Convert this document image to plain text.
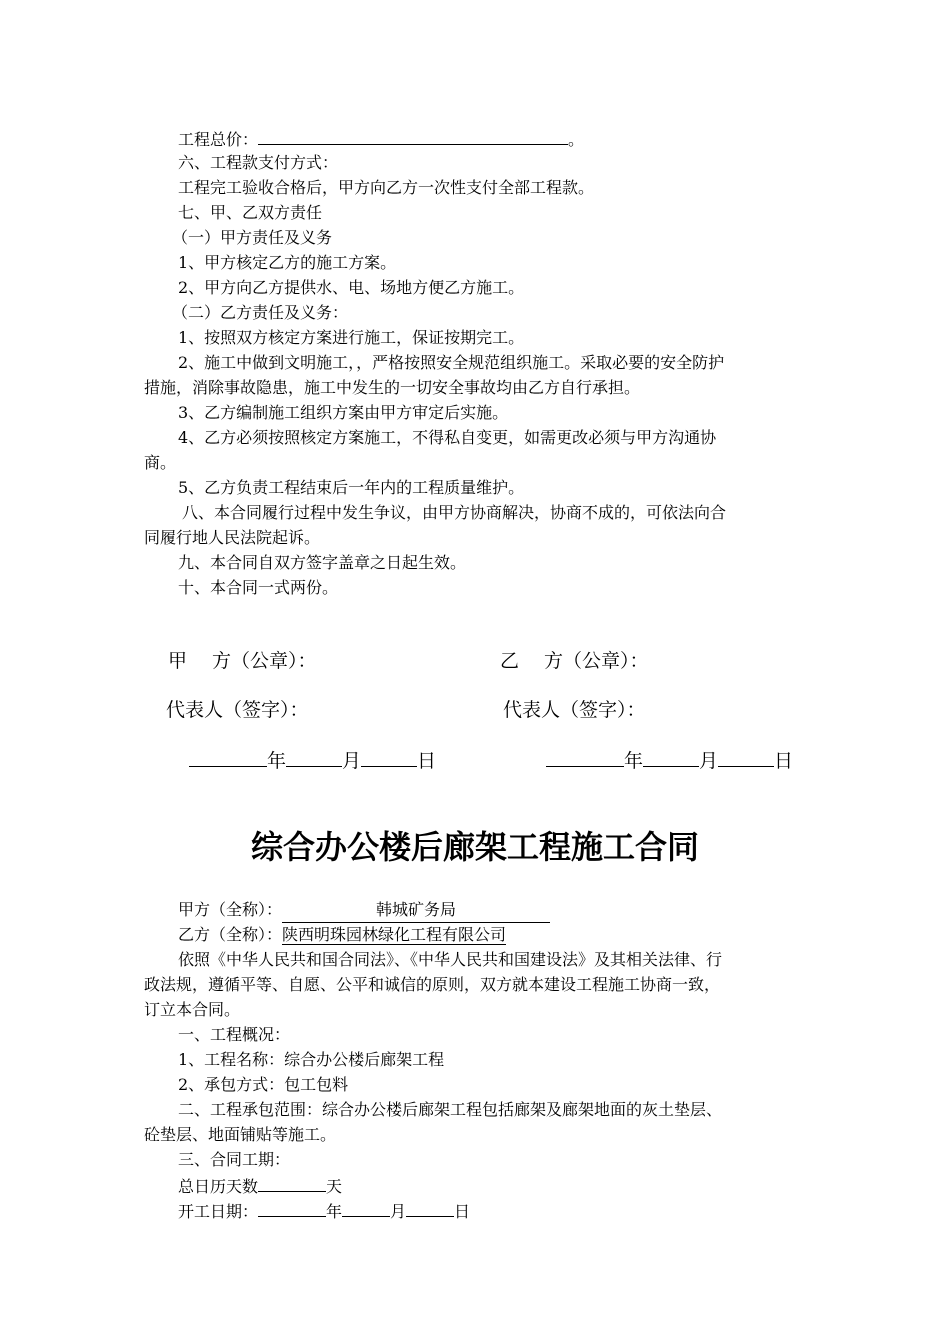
工程总价：	。
六、工程款支付方式：
工程完工验收合格后，甲方向乙方一次性支付全部工程款。
七、甲、乙双方责任
（一）甲方责任及义务
1、甲方核定乙方的施工方案。
2、甲方向乙方提供水、电、场地方便乙方施工。
（二）乙方责任及义务：
1、按照双方核定方案进行施工，保证按期完工。
2、施工中做到文明施工，，严格按照安全规范组织施工。采取必要的安全防护
措施，消除事故隐患，施工中发生的一切安全事故均由乙方自行承担。
3、乙方编制施工组织方案由甲方审定后实施。
4、乙方必须按照核定方案施工，不得私自变更，如需更改必须与甲方沟通协
商。
5、乙方负责工程结束后一年内的工程质量维护。
八、本合同履行过程中发生争议，由甲方协商解决，协商不成的，可依法向合
同履行地人民法院起诉。
九、本合同自双方签字盖章之日起生效。
十、本合同一式两份。
甲　 方（公章）：	乙　 方（公章）：
代表人（签字）：	代表人（签字）：
年	月	日	年	月	日
综合办公楼后廊架工程施工合同
甲方（全称）：	韩城矿务局
乙方（全称）：陕西明珠园林绿化工程有限公司
依照《中华人民共和国合同法》、《中华人民共和国建设法》及其相关法律、行
政法规，遵循平等、自愿、公平和诚信的原则，双方就本建设工程施工协商一致，
订立本合同。
一、工程概况：
1、工程名称：综合办公楼后廊架工程
2、承包方式：包工包料
二、工程承包范围：综合办公楼后廊架工程包括廊架及廊架地面的灰土垫层、
砼垫层、地面铺贴等施工。
三、合同工期：
总日历天数	天
开工日期：	年	月	日
